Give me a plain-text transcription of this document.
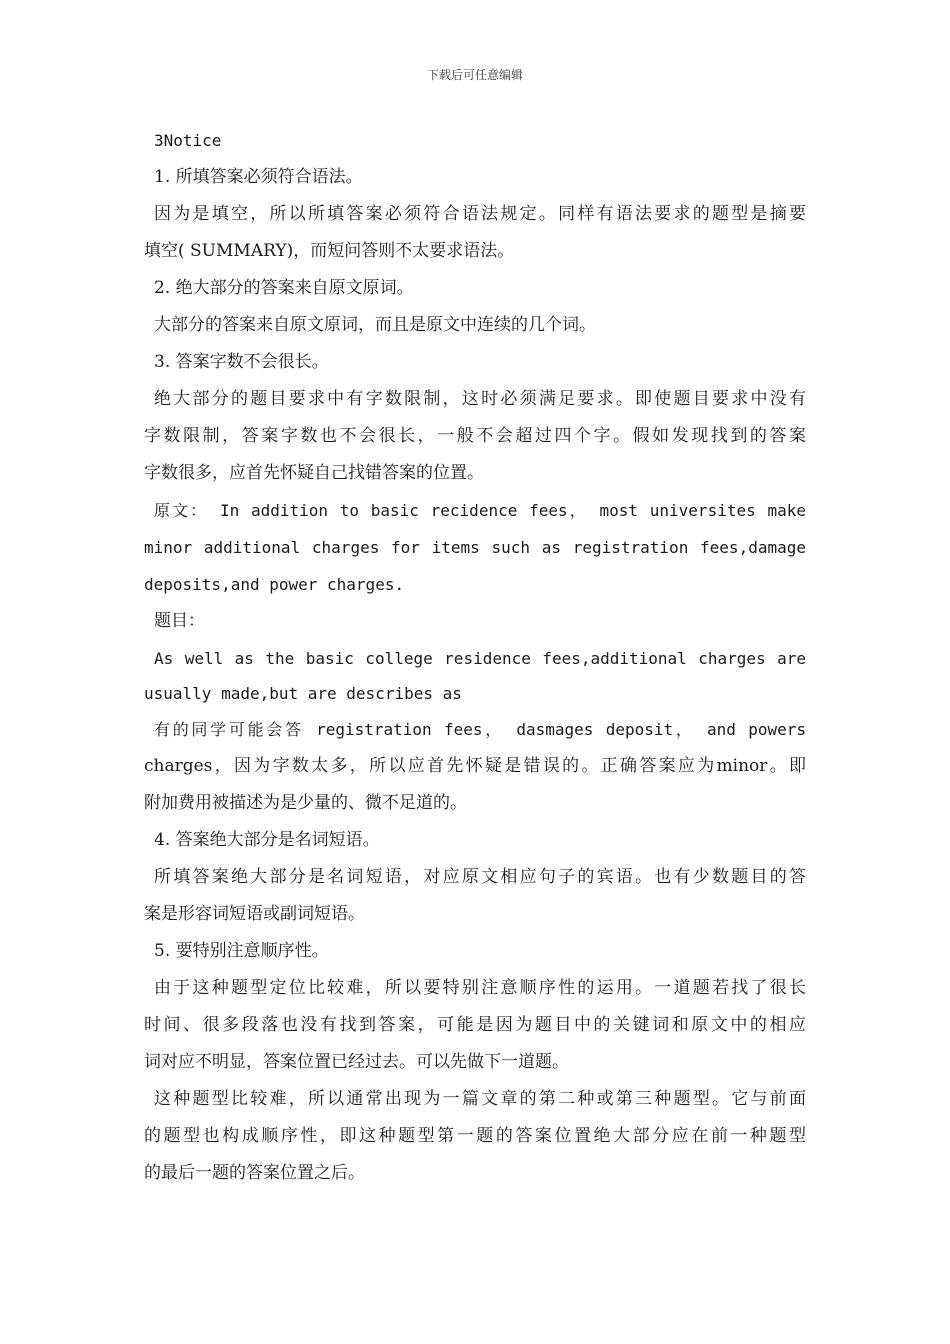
下载后可任意编辑
3Notice
1. 所填答案必须符合语法。
因为是填空，所以所填答案必须符合语法规定。同样有语法要求的题型是摘要
填空( SUMMARY)，而短问答则不太要求语法。
2. 绝大部分的答案来自原文原词。
大部分的答案来自原文原词，而且是原文中连续的几个词。
3. 答案字数不会很长。
绝大部分的题目要求中有字数限制，这时必须满足要求。即使题目要求中没有
字数限制，答案字数也不会很长，一般不会超过四个字。假如发现找到的答案
字数很多，应首先怀疑自己找错答案的位置。
原文： In addition to basic recidence fees， most universites make
minor additional charges for items such as registration fees,damage
deposits,and power charges.
题目：
As well as the basic college residence fees,additional charges are
usually made,but are describes as
有的同学可能会答 registration fees， dasmages deposit， and powers
charges，因为字数太多，所以应首先怀疑是错误的。正确答案应为minor。即
附加费用被描述为是少量的、微不足道的。
4. 答案绝大部分是名词短语。
所填答案绝大部分是名词短语，对应原文相应句子的宾语。也有少数题目的答
案是形容词短语或副词短语。
5. 要特别注意顺序性。
由于这种题型定位比较难，所以要特别注意顺序性的运用。一道题若找了很长
时间、很多段落也没有找到答案，可能是因为题目中的关键词和原文中的相应
词对应不明显，答案位置已经过去。可以先做下一道题。
这种题型比较难，所以通常出现为一篇文章的第二种或第三种题型。它与前面
的题型也构成顺序性，即这种题型第一题的答案位置绝大部分应在前一种题型
的最后一题的答案位置之后。
